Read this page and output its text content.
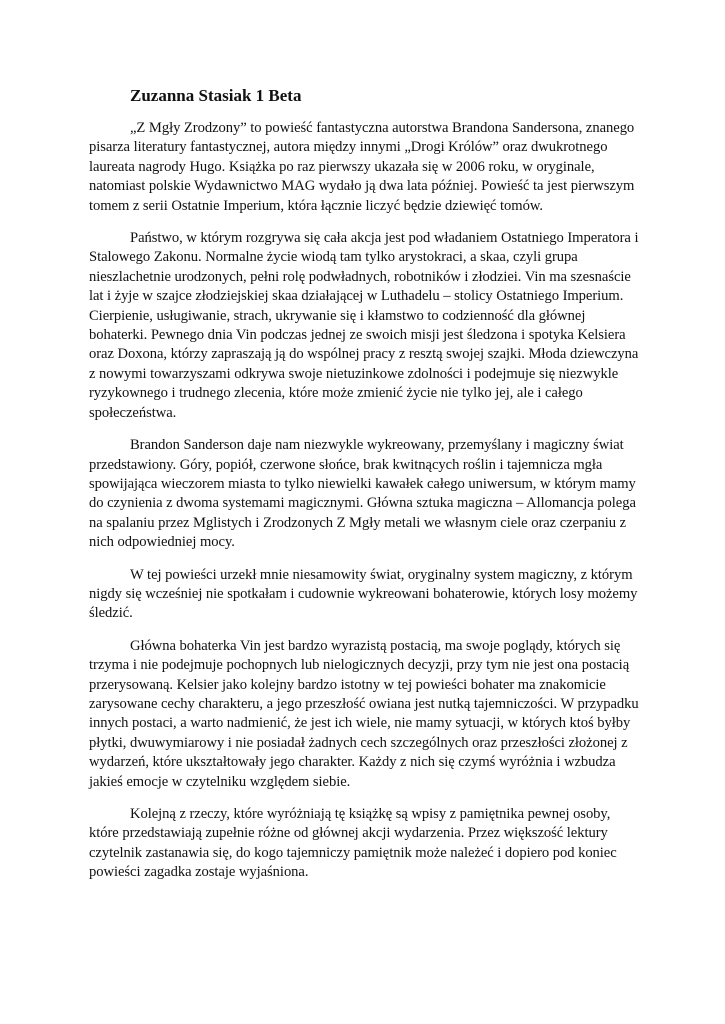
Zuzanna Stasiak 1 Beta

„Z Mgły Zrodzony” to powieść fantastyczna autorstwa Brandona Sandersona, znanego pisarza literatury fantastycznej, autora między innymi „Drogi Królów” oraz dwukrotnego laureata nagrody Hugo. Książka po raz pierwszy ukazała się w 2006 roku, w oryginale, natomiast polskie Wydawnictwo MAG wydało ją dwa lata później. Powieść ta jest pierwszym tomem z serii Ostatnie Imperium, która łącznie liczyć będzie dziewięć tomów.

Państwo, w którym rozgrywa się cała akcja jest pod władaniem Ostatniego Imperatora i Stalowego Zakonu. Normalne życie wiodą tam tylko arystokraci, a skaa, czyli grupa nieszlachetnie urodzonych, pełni rolę podwładnych, robotników i złodziei. Vin ma szesnaście lat i żyje w szajce złodziejskiej skaa działającej w Luthadelu – stolicy Ostatniego Imperium. Cierpienie, usługiwanie, strach, ukrywanie się i kłamstwo to codzienność dla głównej bohaterki. Pewnego dnia Vin podczas jednej ze swoich misji jest śledzona i spotyka Kelsiera oraz Doxona, którzy zapraszają ją do wspólnej pracy z resztą swojej szajki. Młoda dziewczyna z nowymi towarzyszami odkrywa swoje nietuzinkowe zdolności i podejmuje się niezwykle ryzykownego i trudnego zlecenia, które może zmienić życie nie tylko jej, ale i całego społeczeństwa.

Brandon Sanderson daje nam niezwykle wykreowany, przemyślany i magiczny świat przedstawiony. Góry, popiół, czerwone słońce, brak kwitnących roślin i tajemnicza mgła spowijająca wieczorem miasta to tylko niewielki kawałek całego uniwersum, w którym mamy do czynienia z dwoma systemami magicznymi. Główna sztuka magiczna – Allomancja polega na spalaniu przez Mglistych i Zrodzonych Z Mgły metali we własnym ciele oraz czerpaniu z nich odpowiedniej mocy.

W tej powieści urzekł mnie niesamowity świat, oryginalny system magiczny, z którym nigdy się wcześniej nie spotkałam i cudownie wykreowani bohaterowie, których losy możemy śledzić.

Główna bohaterka Vin jest bardzo wyrazistą postacią, ma swoje poglądy, których się trzyma i nie podejmuje pochopnych lub nielogicznych decyzji, przy tym nie jest ona postacią przerysowaną. Kelsier jako kolejny bardzo istotny w tej powieści bohater ma znakomicie zarysowane cechy charakteru, a jego przeszłość owiana jest nutką tajemniczości. W przypadku innych postaci, a warto nadmienić, że jest ich wiele, nie mamy sytuacji, w których ktoś byłby płytki, dwuwymiarowy i nie posiadał żadnych cech szczególnych oraz przeszłości złożonej z wydarzeń, które ukształtowały jego charakter. Każdy z nich się czymś wyróżnia i wzbudza jakieś emocje w czytelniku względem siebie.

Kolejną z rzeczy, które wyróżniają tę książkę są wpisy z pamiętnika pewnej osoby, które przedstawiają zupełnie różne od głównej akcji wydarzenia. Przez większość lektury czytelnik zastanawia się, do kogo tajemniczy pamiętnik może należeć i dopiero pod koniec powieści zagadka zostaje wyjaśniona.
